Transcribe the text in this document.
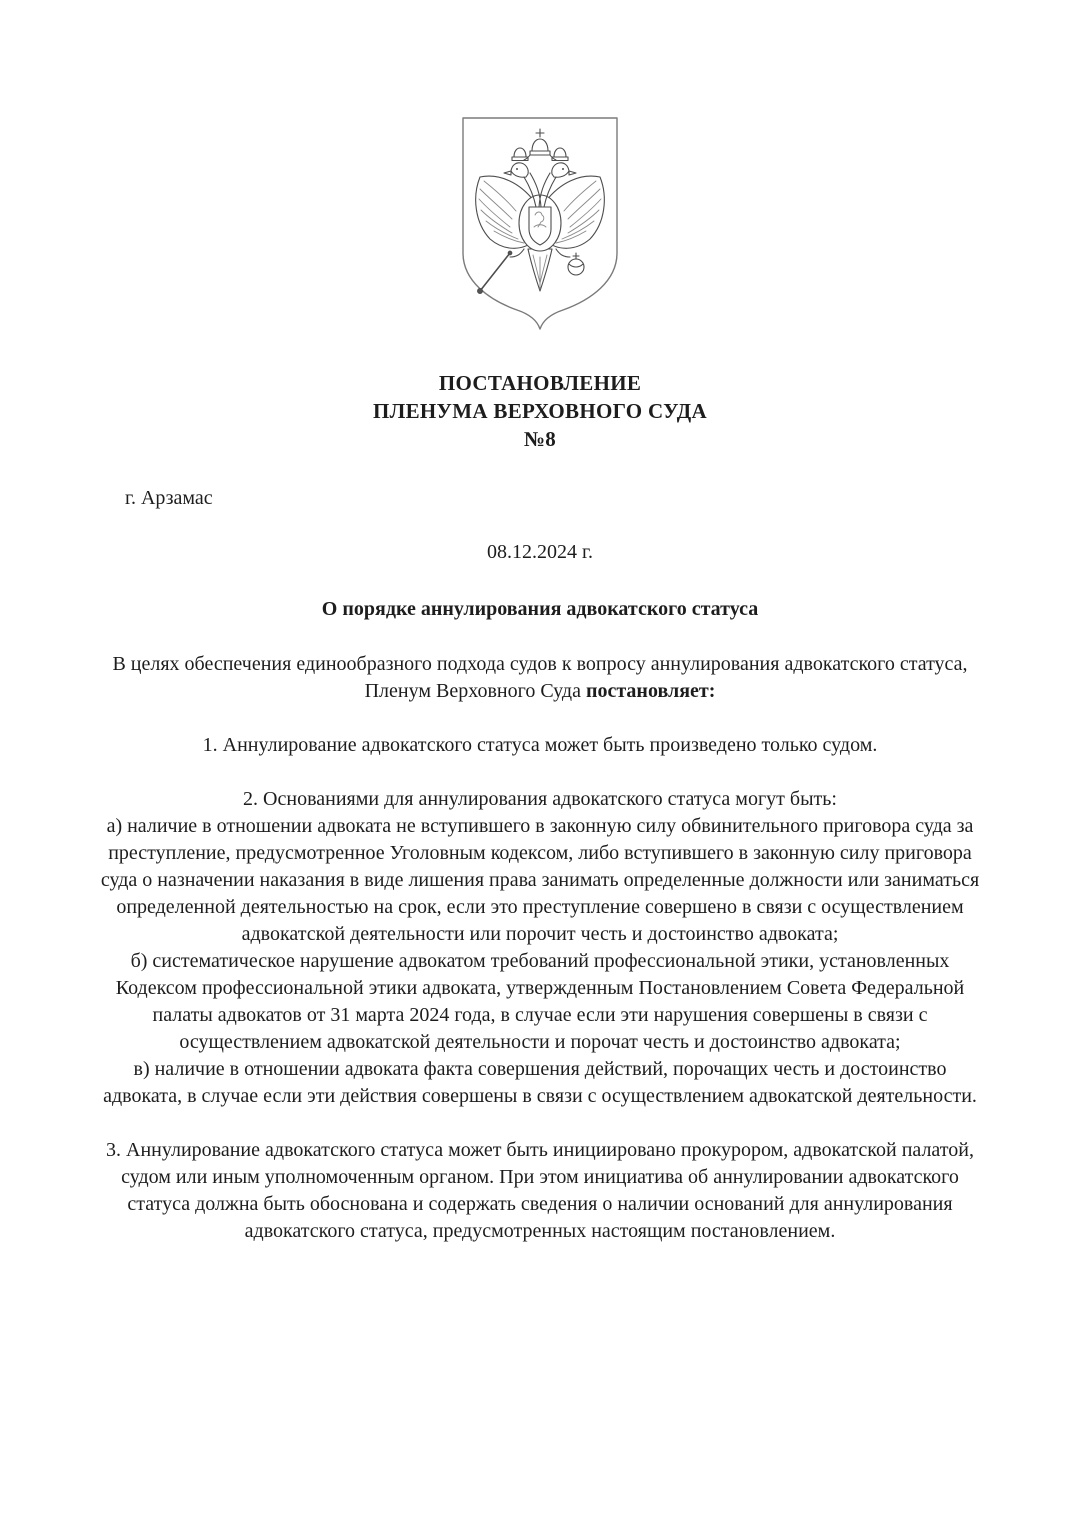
ПОСТАНОВЛЕНИЕ
ПЛЕНУМА ВЕРХОВНОГО СУДА
№8
г. Арзамас
08.12.2024 г.
О порядке аннулирования адвокатского статуса

В целях обеспечения единообразного подхода судов к вопросу аннулирования адвокатского статуса, Пленум Верховного Суда постановляет:

1. Аннулирование адвокатского статуса может быть произведено только судом.

2. Основаниями для аннулирования адвокатского статуса могут быть:

а) наличие в отношении адвоката не вступившего в законную силу обвинительного приговора суда за преступление, предусмотренное Уголовным кодексом, либо вступившего в законную силу приговора суда о назначении наказания в виде лишения права занимать определенные должности или заниматься определенной деятельностью на срок, если это преступление совершено в связи с осуществлением адвокатской деятельности или порочит честь и достоинство адвоката;

б) систематическое нарушение адвокатом требований профессиональной этики, установленных Кодексом профессиональной этики адвоката, утвержденным Постановлением Совета Федеральной палаты адвокатов от 31 марта 2024 года, в случае если эти нарушения совершены в связи с осуществлением адвокатской деятельности и порочат честь и достоинство адвоката;

в) наличие в отношении адвоката факта совершения действий, порочащих честь и достоинство адвоката, в случае если эти действия совершены в связи с осуществлением адвокатской деятельности.

3. Аннулирование адвокатского статуса может быть инициировано прокурором, адвокатской палатой, судом или иным уполномоченным органом. При этом инициатива об аннулировании адвокатского статуса должна быть обоснована и содержать сведения о наличии оснований для аннулирования адвокатского статуса, предусмотренных настоящим постановлением.
